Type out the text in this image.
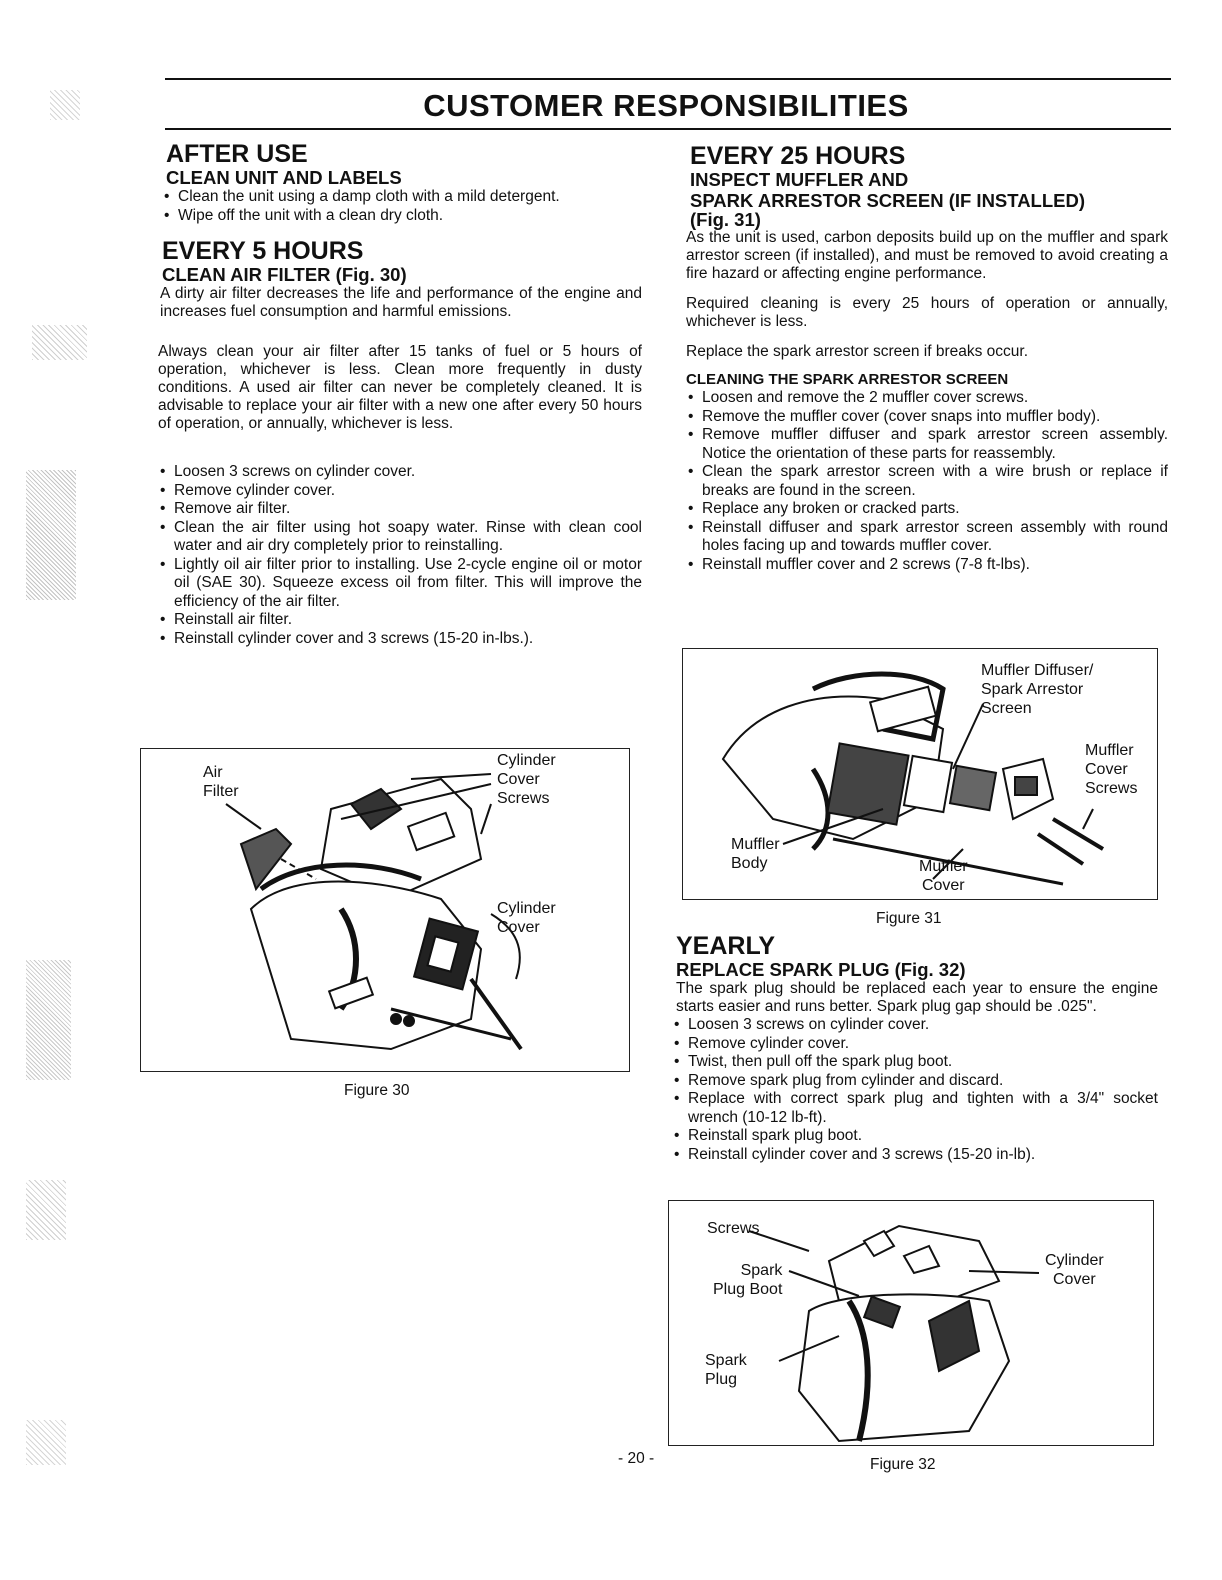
CUSTOMER RESPONSIBILITIES
AFTER USE
CLEAN UNIT AND LABELS
• Clean the unit using a damp cloth with a mild detergent.
• Wipe off the unit with a clean dry cloth.
EVERY 5 HOURS
CLEAN AIR FILTER (Fig. 30)
A dirty air filter decreases the life and performance of the engine and increases fuel consumption and harmful emissions.
Always clean your air filter after 15 tanks of fuel or 5 hours of operation, whichever is less. Clean more frequently in dusty conditions. A used air filter can never be completely cleaned. It is advisable to replace your air filter with a new one after every 50 hours of operation, or annually, whichever is less.
• Loosen 3 screws on cylinder cover.
• Remove cylinder cover.
• Remove air filter.
• Clean the air filter using hot soapy water. Rinse with clean cool water and air dry completely prior to reinstalling.
• Lightly oil air filter prior to installing. Use 2-cycle engine oil or motor oil (SAE 30). Squeeze excess oil from filter. This will improve the efficiency of the air filter.
• Reinstall air filter.
• Reinstall cylinder cover and 3 screws (15-20 in-lbs.).
Air
Filter
Cylinder
Cover
Screws
Cylinder
Cover
Figure 30
EVERY 25 HOURS
INSPECT MUFFLER AND
SPARK ARRESTOR SCREEN (IF INSTALLED)
(Fig. 31)
As the unit is used, carbon deposits build up on the muffler and spark arrestor screen (if installed), and must be removed to avoid creating a fire hazard or affecting engine performance.
Required cleaning is every 25 hours of operation or annually, whichever is less.
Replace the spark arrestor screen if breaks occur.
CLEANING THE SPARK ARRESTOR SCREEN
• Loosen and remove the 2 muffler cover screws.
• Remove the muffler cover (cover snaps into muffler body).
• Remove muffler diffuser and spark arrestor screen assembly. Notice the orientation of these parts for reassembly.
• Clean the spark arrestor screen with a wire brush or replace if breaks are found in the screen.
• Replace any broken or cracked parts.
• Reinstall diffuser and spark arrestor screen assembly with round holes facing up and towards muffler cover.
• Reinstall muffler cover and 2 screws (7-8 ft-lbs).
Muffler Diffuser/
Spark Arrestor
Screen
Muffler
Cover
Screws
Muffler
Body	Muffler
Cover
Figure 31
YEARLY
REPLACE SPARK PLUG (Fig. 32)
The spark plug should be replaced each year to ensure the engine starts easier and runs better. Spark plug gap should be .025".
• Loosen 3 screws on cylinder cover.
• Remove cylinder cover.
• Twist, then pull off the spark plug boot.
• Remove spark plug from cylinder and discard.
• Replace with correct spark plug and tighten with a 3/4" socket wrench (10-12 lb-ft).
• Reinstall spark plug boot.
• Reinstall cylinder cover and 3 screws (15-20 in-lb).
Screws
Spark
Plug Boot
Spark
Plug
Cylinder
Cover
Figure 32
- 20 -
